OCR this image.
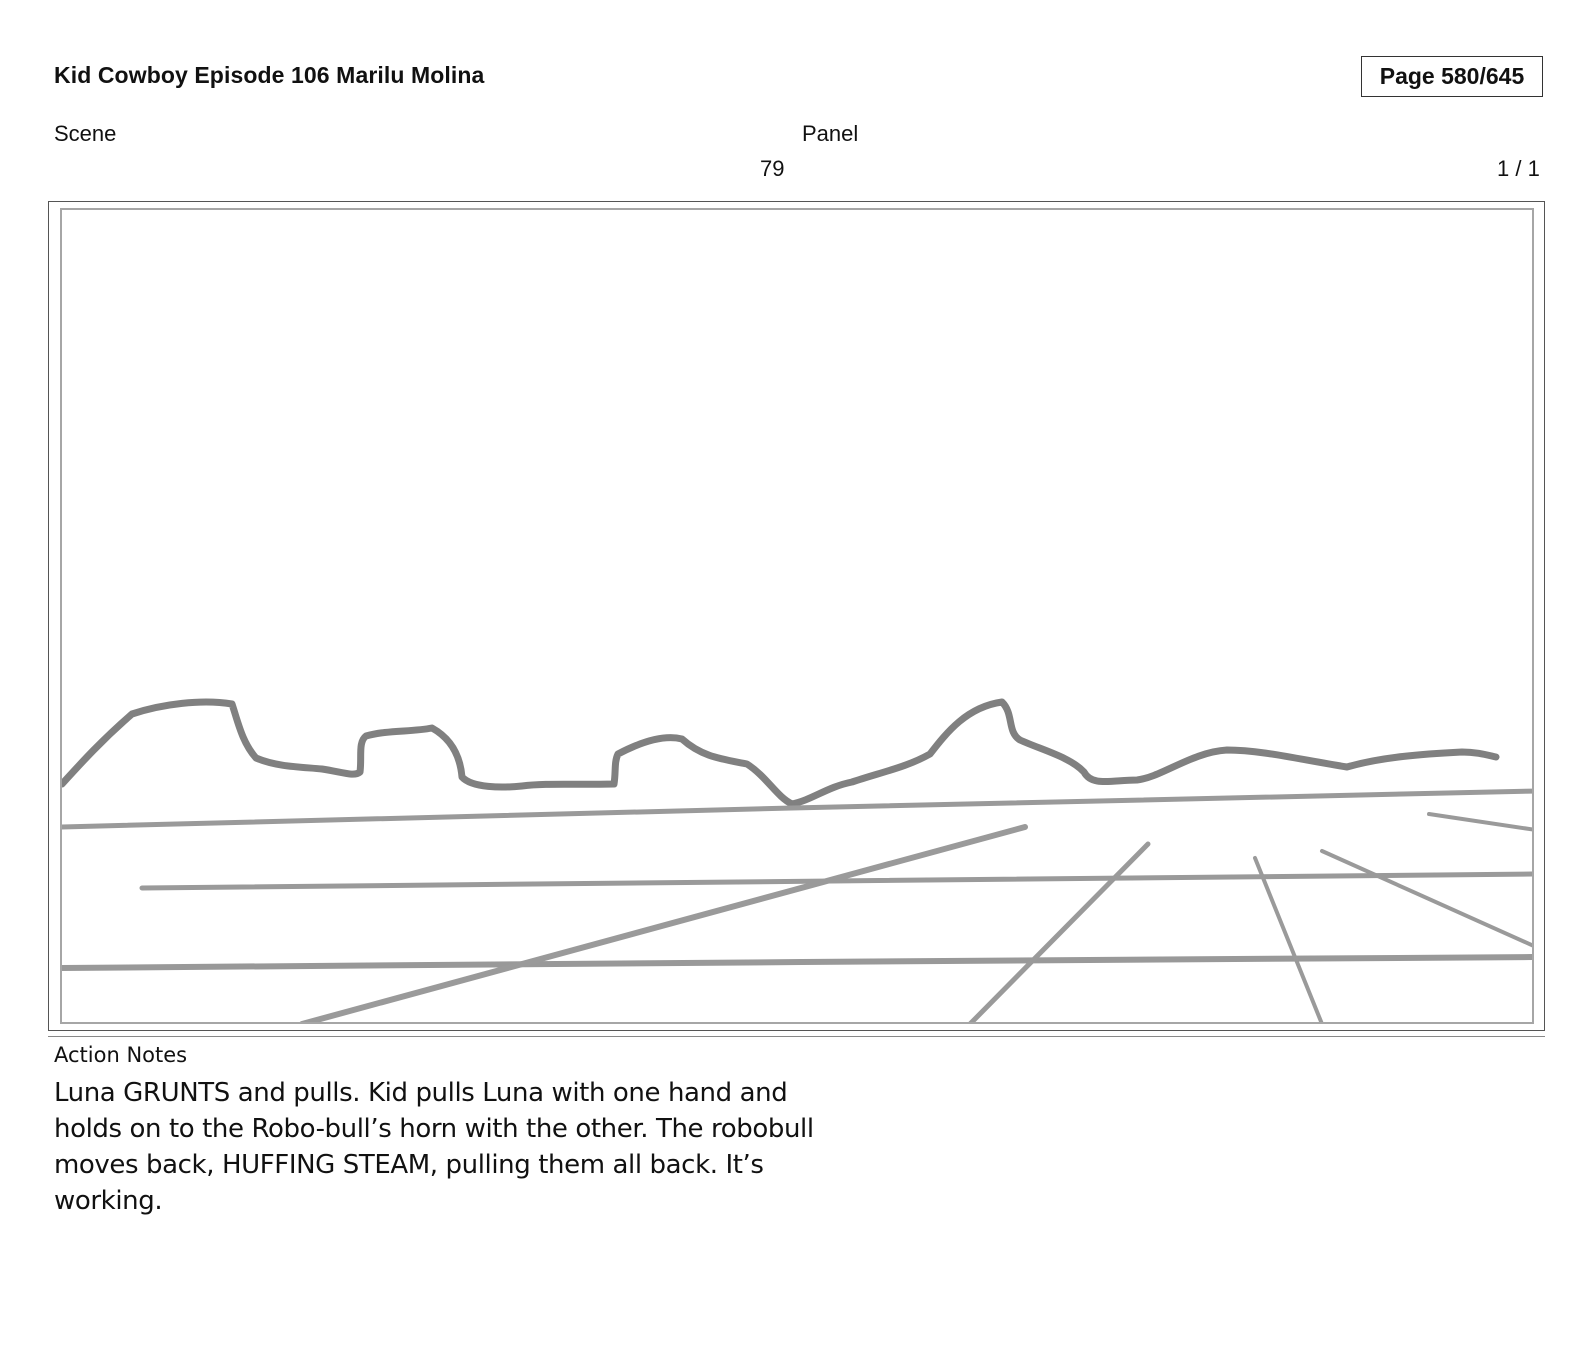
Kid Cowboy Episode 106 Marilu Molina	Page 580/645
Scene	Panel
79	1 / 1
Action Notes
Luna GRUNTS and pulls. Kid pulls Luna with one hand and holds on to the Robo-bull’s horn with the other. The robobull moves back, HUFFING STEAM, pulling them all back. It’s working.
